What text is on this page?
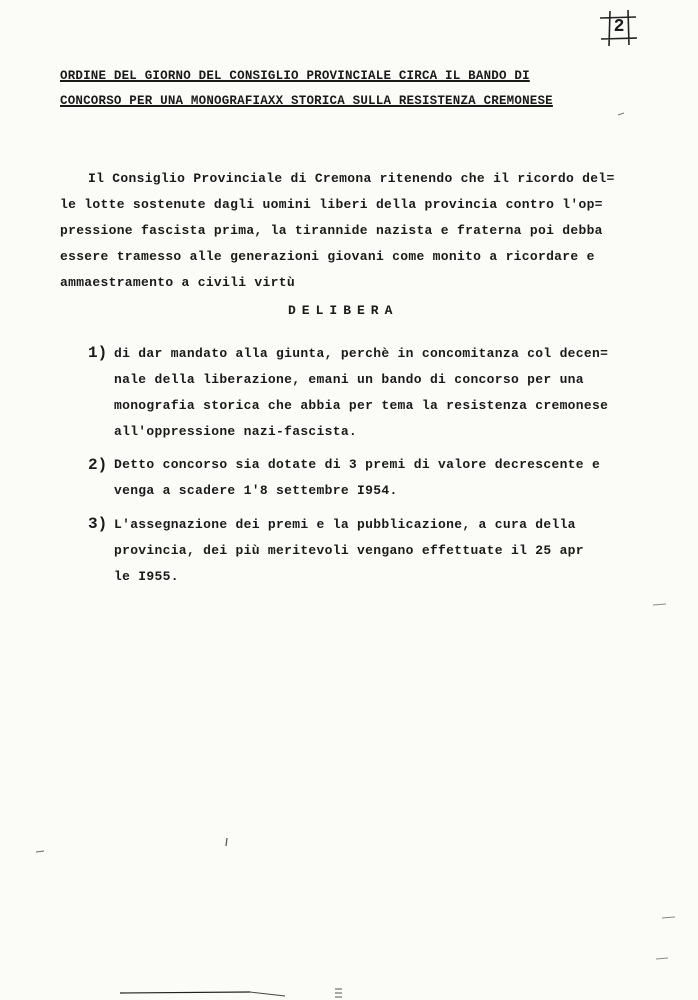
2
ORDINE DEL GIORNO DEL CONSIGLIO PROVINCIALE CIRCA IL BANDO DI
CONCORSO PER UNA MONOGRAFIAXX STORICA SULLA RESISTENZA CREMONESE
Il Consiglio Provinciale di Cremona ritenendo che il ricordo del=
le lotte sostenute dagli uomini liberi della provincia contro l'op=
pressione fascista prima, la tirannide nazista e fraterna poi debba
essere tramesso alle generazioni giovani come monito a ricordare e
ammaestramento a civili virtù
DELIBERA
1) di dar mandato alla giunta, perchè in concomitanza col decen=
nale della liberazione, emani un bando di concorso per una
monografia storica che abbia per tema la resistenza cremonese
all'oppressione nazi-fascista.
2) Detto concorso sia dotate di 3 premi di valore decrescente e
venga a scadere 1'8 settembre I954.
3) L'assegnazione dei premi e la pubblicazione, a cura della
provincia, dei più meritevoli vengano effettuate il 25 apr
le I955.
